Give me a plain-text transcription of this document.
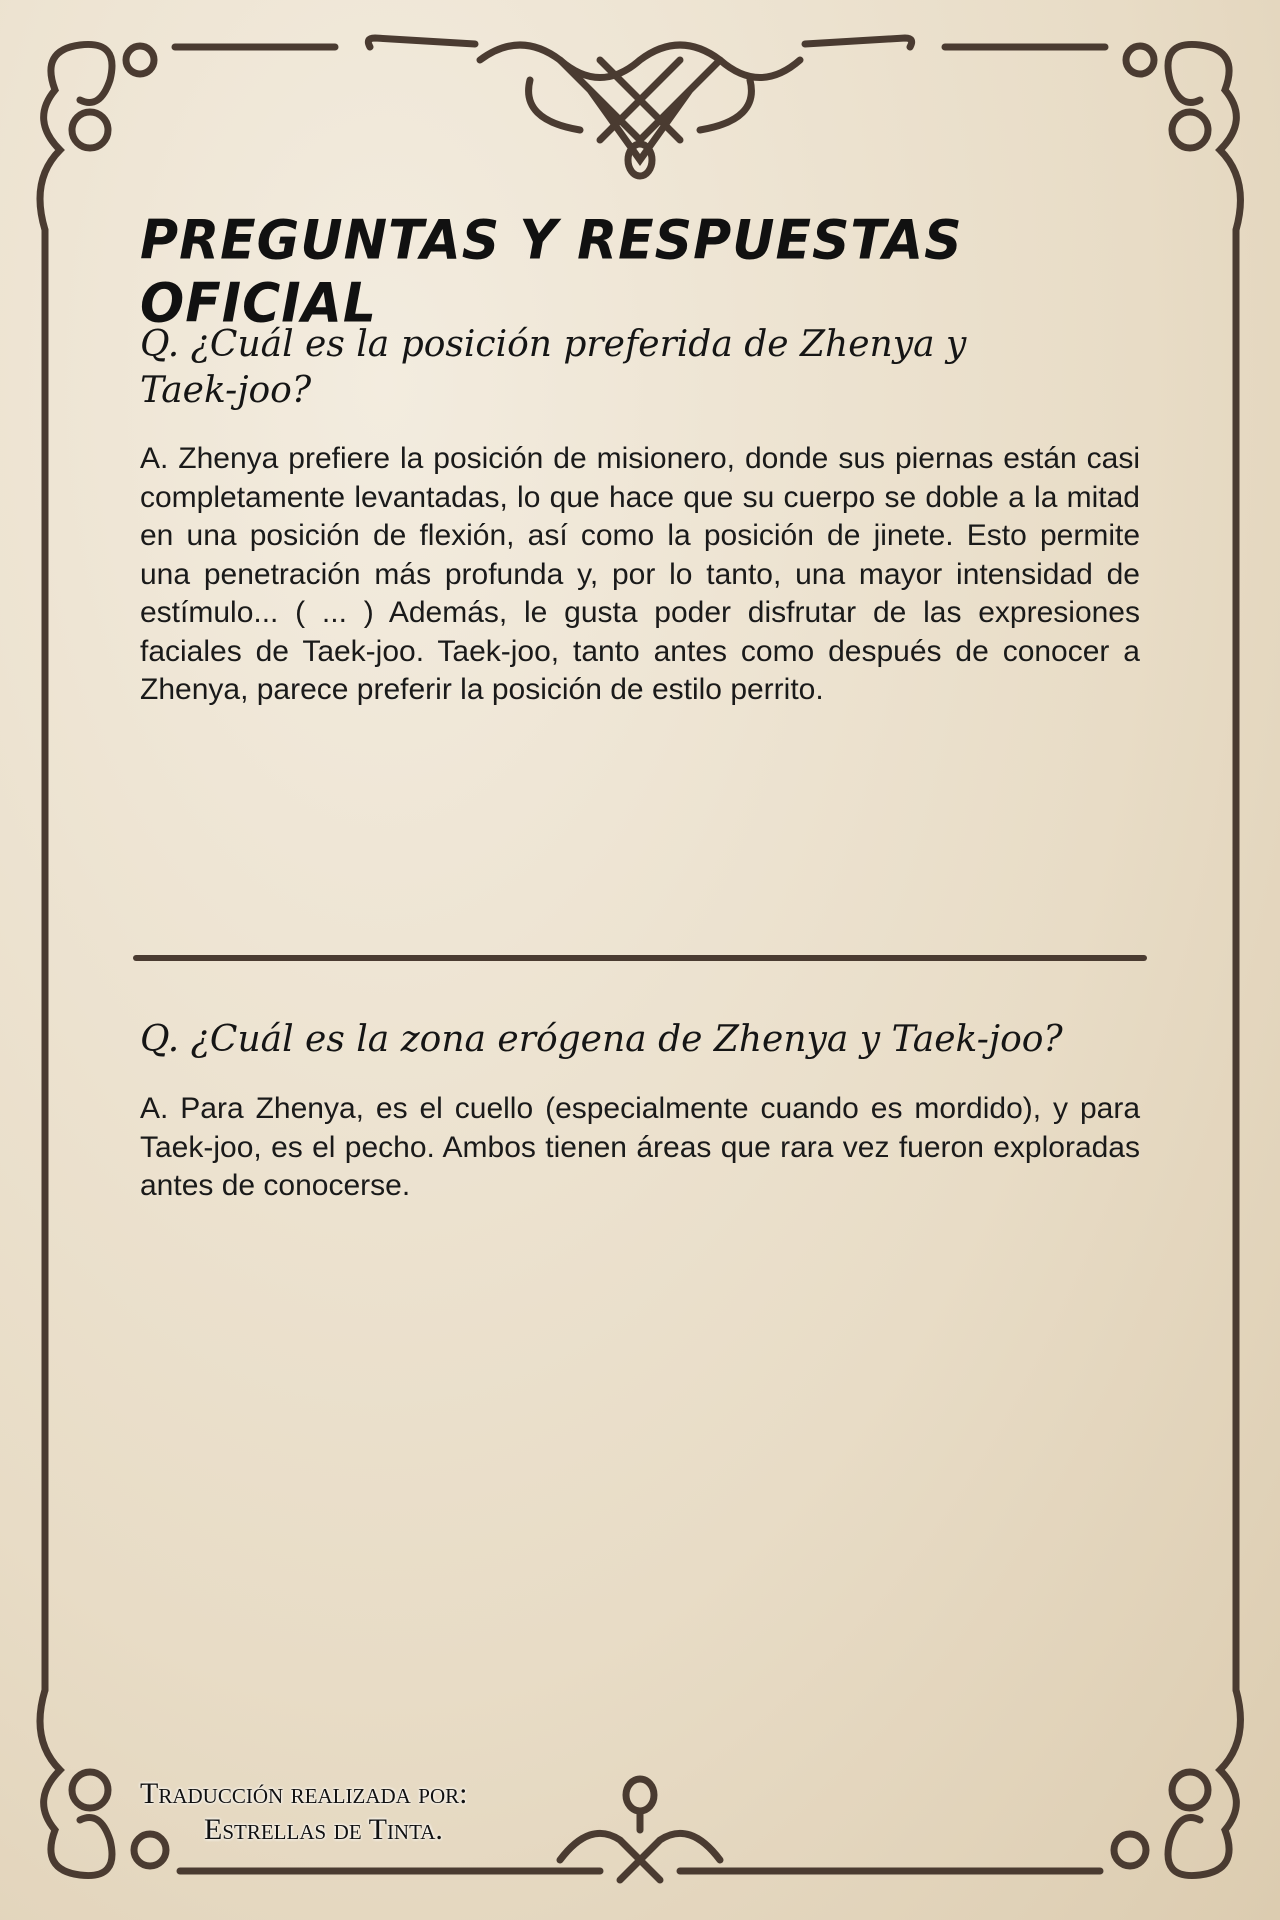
PREGUNTAS Y RESPUESTAS OFICIAL
Q. ¿Cuál es la posición preferida de Zhenya y Taek-joo?
A. Zhenya prefiere la posición de misionero, donde sus piernas están casi completamente levantadas, lo que hace que su cuerpo se doble a la mitad en una posición de flexión, así como la posición de jinete. Esto permite una penetración más profunda y, por lo tanto, una mayor intensidad de estímulo... ( ... ) Además, le gusta poder disfrutar de las expresiones faciales de Taek-joo. Taek-joo, tanto antes como después de conocer a Zhenya, parece preferir la posición de estilo perrito.
Q. ¿Cuál es la zona erógena de Zhenya y Taek-joo?
A. Para Zhenya, es el cuello (especialmente cuando es mordido), y para Taek-joo, es el pecho. Ambos tienen áreas que rara vez fueron exploradas antes de conocerse.
Traducción realizada por:
Estrellas de Tinta.
